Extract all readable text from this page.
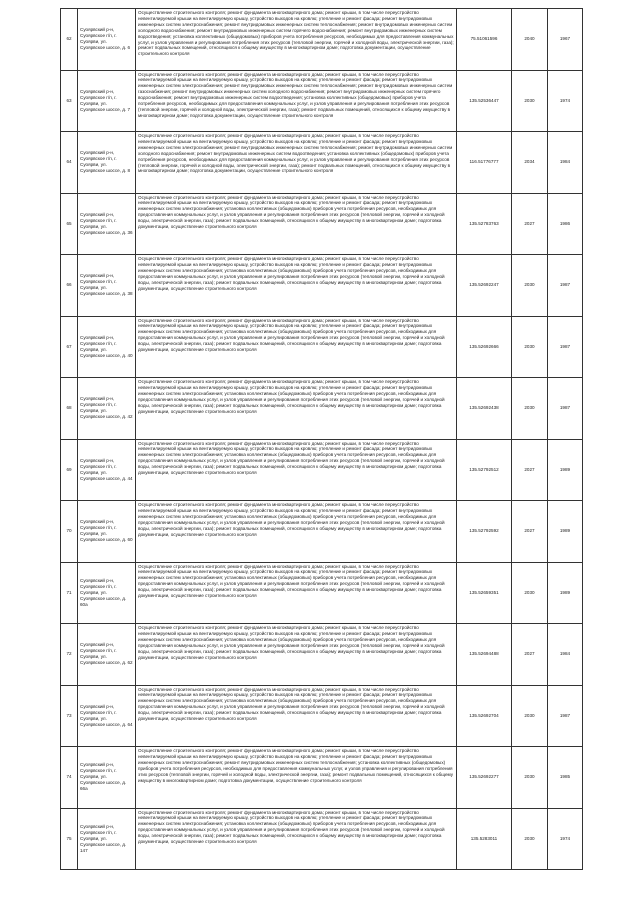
62	Суоярвский р-н, Суоярвское г/п, г. Суоярви, ул. Суоярвское шоссе, д. 6	Осуществление строительного контроля; ремонт фундамента многоквартирного дома; ремонт крыши, в том числе переустройство невентилируемой крыши на вентилируемую крышу, устройство выходов на кровлю; утепление и ремонт фасада; ремонт внутридомовых инженерных систем электроснабжения; ремонт внутридомовых инженерных систем теплоснабжения; ремонт внутридомовых инженерных систем холодного водоснабжения; ремонт внутридомовых инженерных систем горячего водоснабжения; ремонт внутридомовых инженерных систем водоотведения; установка коллективных (общедомовых) приборов учета потребления ресурсов, необходимых для предоставления коммунальных услуг, и узлов управления и регулирования потребления этих ресурсов (тепловой энергии, горячей и холодной воды, электрической энергии, газа); ремонт подвальных помещений, относящихся к общему имуществу в многоквартирном доме; подготовка документации, осуществление строительного контроля	75.51061596	2040	1967
63	Суоярвский р-н, Суоярвское г/п, г. Суоярви, ул. Суоярвское шоссе, д. 7	Осуществление строительного контроля; ремонт фундамента многоквартирного дома; ремонт крыши, в том числе переустройство невентилируемой крыши на вентилируемую крышу, устройство выходов на кровлю; утепление и ремонт фасада; ремонт внутридомовых инженерных систем электроснабжения; ремонт внутридомовых инженерных систем теплоснабжения; ремонт внутридомовых инженерных систем газоснабжения; ремонт внутридомовых инженерных систем холодного водоснабжения; ремонт внутридомовых инженерных систем горячего водоснабжения; ремонт внутридомовых инженерных систем водоотведения; установка коллективных (общедомовых) приборов учета потребления ресурсов, необходимых для предоставления коммунальных услуг, и узлов управления и регулирования потребления этих ресурсов (тепловой энергии, горячей и холодной воды, электрической энергии, газа); ремонт подвальных помещений, относящихся к общему имуществу в многоквартирном доме; подготовка документации, осуществление строительного контроля	135.52536447	2030	1974
64	Суоярвский р-н, Суоярвское г/п, г. Суоярви, ул. Суоярвское шоссе, д. 8	Осуществление строительного контроля; ремонт фундамента многоквартирного дома; ремонт крыши, в том числе переустройство невентилируемой крыши на вентилируемую крышу, устройство выходов на кровлю; утепление и ремонт фасада; ремонт внутридомовых инженерных систем электроснабжения; ремонт внутридомовых инженерных систем теплоснабжения; ремонт внутридомовых инженерных систем холодного водоснабжения; ремонт внутридомовых инженерных систем водоотведения; установка коллективных (общедомовых) приборов учета потребления ресурсов, необходимых для предоставления коммунальных услуг, и узлов управления и регулирования потребления этих ресурсов (тепловой энергии, горячей и холодной воды, электрической энергии, газа); ремонт подвальных помещений, относящихся к общему имуществу в многоквартирном доме; подготовка документации, осуществление строительного контроля	116.51776777	2034	1984
65	Суоярвский р-н, Суоярвское г/п, г. Суоярви, ул. Суоярвское шоссе, д. 36	Осуществление строительного контроля; ремонт фундамента многоквартирного дома; ремонт крыши, в том числе переустройство невентилируемой крыши на вентилируемую крышу, устройство выходов на кровлю; утепление и ремонт фасада; ремонт внутридомовых инженерных систем электроснабжения; установка коллективных (общедомовых) приборов учета потребления ресурсов, необходимых для предоставления коммунальных услуг, и узлов управления и регулирования потребления этих ресурсов (тепловой энергии, горячей и холодной воды, электрической энергии, газа); ремонт подвальных помещений, относящихся к общему имуществу в многоквартирном доме; подготовка документации, осуществление строительного контроля	135.52783763	2027	1986
66	Суоярвский р-н, Суоярвское г/п, г. Суоярви, ул. Суоярвское шоссе, д. 38	Осуществление строительного контроля; ремонт фундамента многоквартирного дома; ремонт крыши, в том числе переустройство невентилируемой крыши на вентилируемую крышу, устройство выходов на кровлю; утепление и ремонт фасада; ремонт внутридомовых инженерных систем электроснабжения; установка коллективных (общедомовых) приборов учета потребления ресурсов, необходимых для предоставления коммунальных услуг, и узлов управления и регулирования потребления этих ресурсов (тепловой энергии, горячей и холодной воды, электрической энергии, газа); ремонт подвальных помещений, относящихся к общему имуществу в многоквартирном доме; подготовка документации, осуществление строительного контроля	135.52692247	2030	1987
67	Суоярвский р-н, Суоярвское г/п, г. Суоярви, ул. Суоярвское шоссе, д. 40	Осуществление строительного контроля; ремонт фундамента многоквартирного дома; ремонт крыши, в том числе переустройство невентилируемой крыши на вентилируемую крышу, устройство выходов на кровлю; утепление и ремонт фасада; ремонт внутридомовых инженерных систем электроснабжения; установка коллективных (общедомовых) приборов учета потребления ресурсов, необходимых для предоставления коммунальных услуг, и узлов управления и регулирования потребления этих ресурсов (тепловой энергии, горячей и холодной воды, электрической энергии, газа); ремонт подвальных помещений, относящихся к общему имуществу в многоквартирном доме; подготовка документации, осуществление строительного контроля	135.52692666	2030	1987
68	Суоярвский р-н, Суоярвское г/п, г. Суоярви, ул. Суоярвское шоссе, д. 42	Осуществление строительного контроля; ремонт фундамента многоквартирного дома; ремонт крыши, в том числе переустройство невентилируемой крыши на вентилируемую крышу, устройство выходов на кровлю; утепление и ремонт фасада; ремонт внутридомовых инженерных систем электроснабжения; установка коллективных (общедомовых) приборов учета потребления ресурсов, необходимых для предоставления коммунальных услуг, и узлов управления и регулирования потребления этих ресурсов (тепловой энергии, горячей и холодной воды, электрической энергии, газа); ремонт подвальных помещений, относящихся к общему имуществу в многоквартирном доме; подготовка документации, осуществление строительного контроля	135.52692438	2030	1987
69	Суоярвский р-н, Суоярвское г/п, г. Суоярви, ул. Суоярвское шоссе, д. 44	Осуществление строительного контроля; ремонт фундамента многоквартирного дома; ремонт крыши, в том числе переустройство невентилируемой крыши на вентилируемую крышу, устройство выходов на кровлю; утепление и ремонт фасада; ремонт внутридомовых инженерных систем электроснабжения; установка коллективных (общедомовых) приборов учета потребления ресурсов, необходимых для предоставления коммунальных услуг, и узлов управления и регулирования потребления этих ресурсов (тепловой энергии, горячей и холодной воды, электрической энергии, газа); ремонт подвальных помещений, относящихся к общему имуществу в многоквартирном доме; подготовка документации, осуществление строительного контроля	135.52792512	2027	1989
70	Суоярвский р-н, Суоярвское г/п, г. Суоярви, ул. Суоярвское шоссе, д. 60	Осуществление строительного контроля; ремонт фундамента многоквартирного дома; ремонт крыши, в том числе переустройство невентилируемой крыши на вентилируемую крышу, устройство выходов на кровлю; утепление и ремонт фасада; ремонт внутридомовых инженерных систем электроснабжения; установка коллективных (общедомовых) приборов учета потребления ресурсов, необходимых для предоставления коммунальных услуг, и узлов управления и регулирования потребления этих ресурсов (тепловой энергии, горячей и холодной воды, электрической энергии, газа); ремонт подвальных помещений, относящихся к общему имуществу в многоквартирном доме; подготовка документации, осуществление строительного контроля	135.52792592	2027	1989
71	Суоярвский р-н, Суоярвское г/п, г. Суоярви, ул. Суоярвское шоссе, д. 60а	Осуществление строительного контроля; ремонт фундамента многоквартирного дома; ремонт крыши, в том числе переустройство невентилируемой крыши на вентилируемую крышу, устройство выходов на кровлю; утепление и ремонт фасада; ремонт внутридомовых инженерных систем электроснабжения; установка коллективных (общедомовых) приборов учета потребления ресурсов, необходимых для предоставления коммунальных услуг, и узлов управления и регулирования потребления этих ресурсов (тепловой энергии, горячей и холодной воды, электрической энергии, газа); ремонт подвальных помещений, относящихся к общему имуществу в многоквартирном доме; подготовка документации, осуществление строительного контроля	135.52659351	2030	1989
72	Суоярвский р-н, Суоярвское г/п, г. Суоярви, ул. Суоярвское шоссе, д. 62	Осуществление строительного контроля; ремонт фундамента многоквартирного дома; ремонт крыши, в том числе переустройство невентилируемой крыши на вентилируемую крышу, устройство выходов на кровлю; утепление и ремонт фасада; ремонт внутридомовых инженерных систем электроснабжения; установка коллективных (общедомовых) приборов учета потребления ресурсов, необходимых для предоставления коммунальных услуг, и узлов управления и регулирования потребления этих ресурсов (тепловой энергии, горячей и холодной воды, электрической энергии, газа); ремонт подвальных помещений, относящихся к общему имуществу в многоквартирном доме; подготовка документации, осуществление строительного контроля	135.52694488	2027	1984
73	Суоярвский р-н, Суоярвское г/п, г. Суоярви, ул. Суоярвское шоссе, д. 64	Осуществление строительного контроля; ремонт фундамента многоквартирного дома; ремонт крыши, в том числе переустройство невентилируемой крыши на вентилируемую крышу, устройство выходов на кровлю; утепление и ремонт фасада; ремонт внутридомовых инженерных систем электроснабжения; установка коллективных (общедомовых) приборов учета потребления ресурсов, необходимых для предоставления коммунальных услуг, и узлов управления и регулирования потребления этих ресурсов (тепловой энергии, горячей и холодной воды, электрической энергии, газа); ремонт подвальных помещений, относящихся к общему имуществу в многоквартирном доме; подготовка документации, осуществление строительного контроля	135.52692704	2030	1987
74	Суоярвский р-н, Суоярвское г/п, г. Суоярви, ул. Суоярвское шоссе, д. 66а	Осуществление строительного контроля; ремонт фундамента многоквартирного дома; ремонт крыши, в том числе переустройство невентилируемой крыши на вентилируемую крышу, устройство выходов на кровлю; утепление и ремонт фасада; ремонт внутридомовых инженерных систем электроснабжения; ремонт внутридомовых инженерных систем теплоснабжения; установка коллективных (общедомовых) приборов учета потребления ресурсов, необходимых для предоставления коммунальных услуг, и узлов управления и регулирования потребления этих ресурсов (тепловой энергии, горячей и холодной воды, электрической энергии, газа); ремонт подвальных помещений, относящихся к общему имуществу в многоквартирном доме; подготовка документации, осуществление строительного контроля	135.52692277	2030	1985
75	Суоярвский р-н, Суоярвское г/п, г. Суоярви, ул. Суоярвское шоссе, д. 147	Осуществление строительного контроля; ремонт фундамента многоквартирного дома; ремонт крыши, в том числе переустройство невентилируемой крыши на вентилируемую крышу, устройство выходов на кровлю; утепление и ремонт фасада; ремонт внутридомовых инженерных систем электроснабжения; установка коллективных (общедомовых) приборов учета потребления ресурсов, необходимых для предоставления коммунальных услуг, и узлов управления и регулирования потребления этих ресурсов (тепловой энергии, горячей и холодной воды, электрической энергии, газа); ремонт подвальных помещений, относящихся к общему имуществу в многоквартирном доме; подготовка документации, осуществление строительного контроля	135.5283011	2030	1974
